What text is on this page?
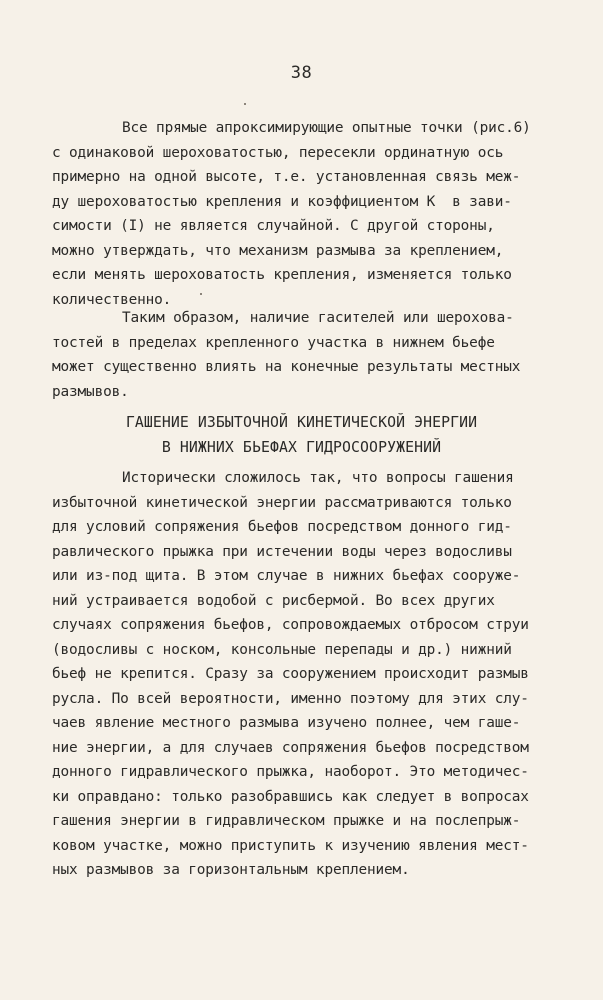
38
Все прямые апроксимирующие опытные точки (рис.6)
с одинаковой шероховатостью, пересекли ординатную ось
примерно на одной высоте, т.е. установленная связь меж-
ду шероховатостью крепления и коэффициентом К  в зави-
симости (I) не является случайной. С другой стороны,
можно утверждать, что механизм размыва за креплением,
если менять шероховатость крепления, изменяется только
количественно.
Таким образом, наличие гасителей или шерохова-
тостей в пределах крепленного участка в нижнем бьефе
может существенно влиять на конечные результаты местных
размывов.
ГАШЕНИЕ ИЗБЫТОЧНОЙ КИНЕТИЧЕСКОЙ ЭНЕРГИИ
В НИЖНИХ БЬЕФАХ ГИДРОСООРУЖЕНИЙ
Исторически сложилось так, что вопросы гашения
избыточной кинетической энергии рассматриваются только
для условий сопряжения бьефов посредством донного гид-
равлического прыжка при истечении воды через водосливы
или из-под щита. В этом случае в нижних бьефах сооруже-
ний устраивается водобой с рисбермой. Во всех других
случаях сопряжения бьефов, сопровождаемых отбросом струи
(водосливы с носком, консольные перепады и др.) нижний
бьеф не крепится. Сразу за сооружением происходит размыв
русла. По всей вероятности, именно поэтому для этих слу-
чаев явление местного размыва изучено полнее, чем гаше-
ние энергии, а для случаев сопряжения бьефов посредством
донного гидравлического прыжка, наоборот. Это методичес-
ки оправдано: только разобравшись как следует в вопросах
гашения энергии в гидравлическом прыжке и на послепрыж-
ковом участке, можно приступить к изучению явления мест-
ных размывов за горизонтальным креплением.
